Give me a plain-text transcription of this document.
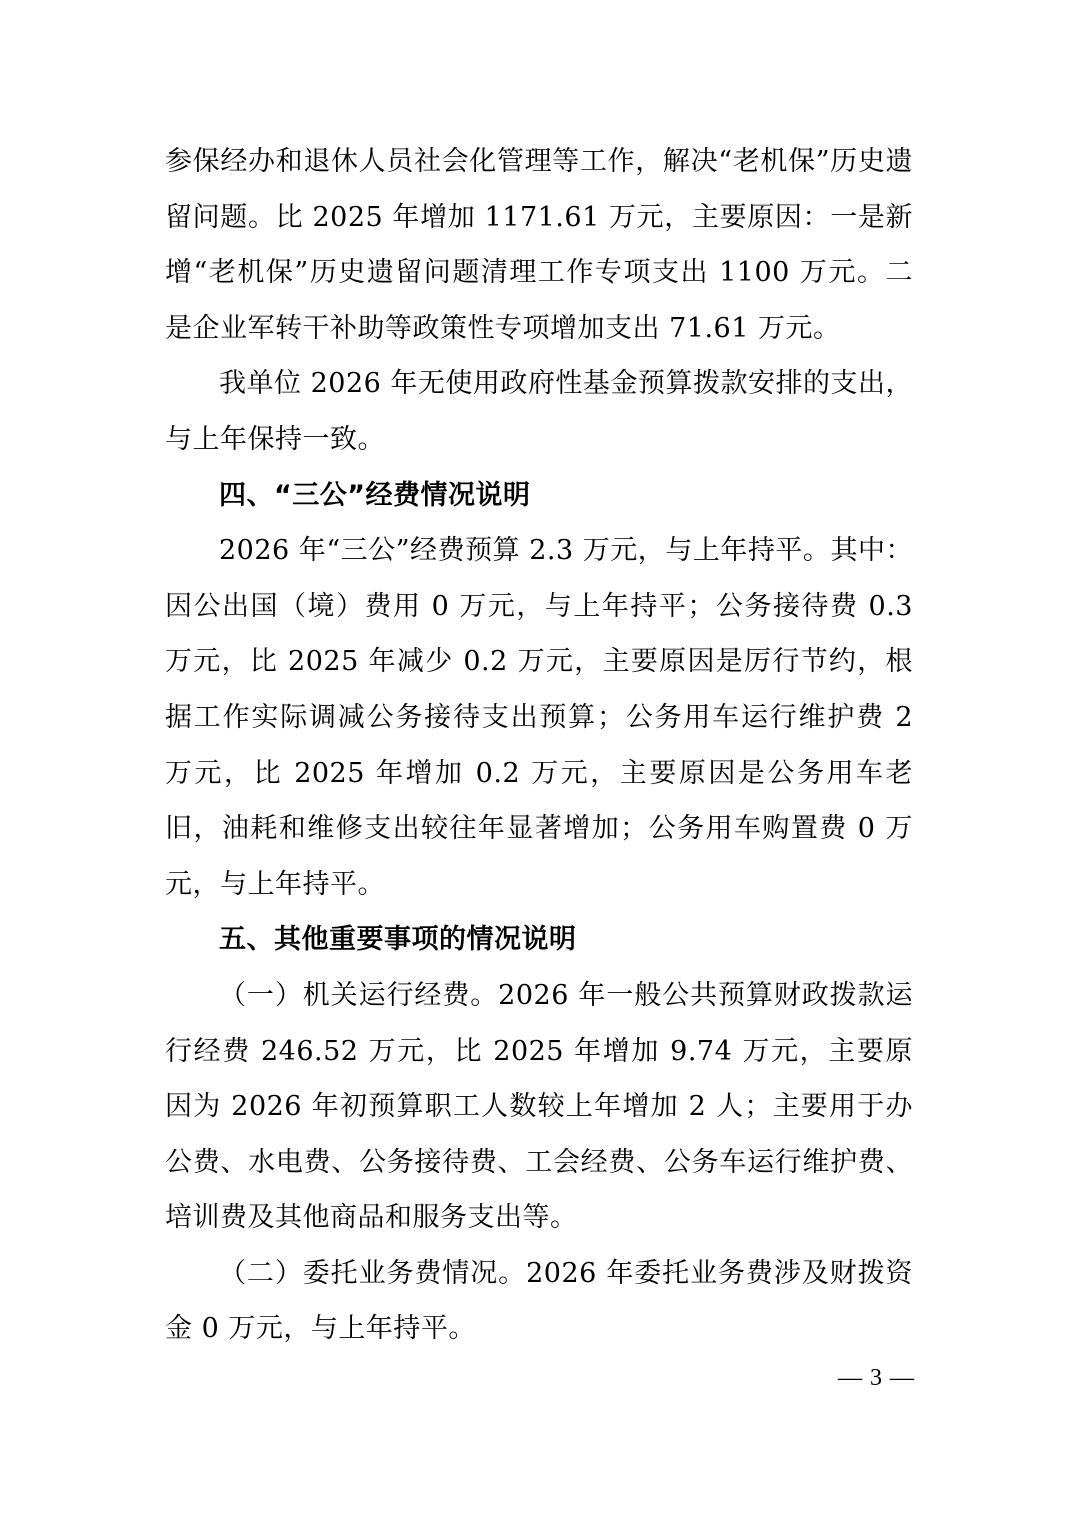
参保经办和退休人员社会化管理等工作，解决“老机保”历史遗留问题。比 2025 年增加 1171.61 万元，主要原因：一是新增“老机保”历史遗留问题清理工作专项支出 1100 万元。二是企业军转干补助等政策性专项增加支出 71.61 万元。

我单位 2026 年无使用政府性基金预算拨款安排的支出，与上年保持一致。

四、“三公”经费情况说明

2026 年“三公”经费预算 2.3 万元，与上年持平。其中：因公出国（境）费用 0 万元，与上年持平；公务接待费 0.3 万元，比 2025 年减少 0.2 万元，主要原因是厉行节约，根据工作实际调减公务接待支出预算；公务用车运行维护费 2 万元，比 2025 年增加 0.2 万元，主要原因是公务用车老旧，油耗和维修支出较往年显著增加；公务用车购置费 0 万元，与上年持平。

五、其他重要事项的情况说明

（一）机关运行经费。2026 年一般公共预算财政拨款运行经费 246.52 万元，比 2025 年增加 9.74 万元，主要原因为 2026 年初预算职工人数较上年增加 2 人；主要用于办公费、水电费、公务接待费、工会经费、公务车运行维护费、培训费及其他商品和服务支出等。

（二）委托业务费情况。2026 年委托业务费涉及财拨资金 0 万元，与上年持平。

— 3 —
